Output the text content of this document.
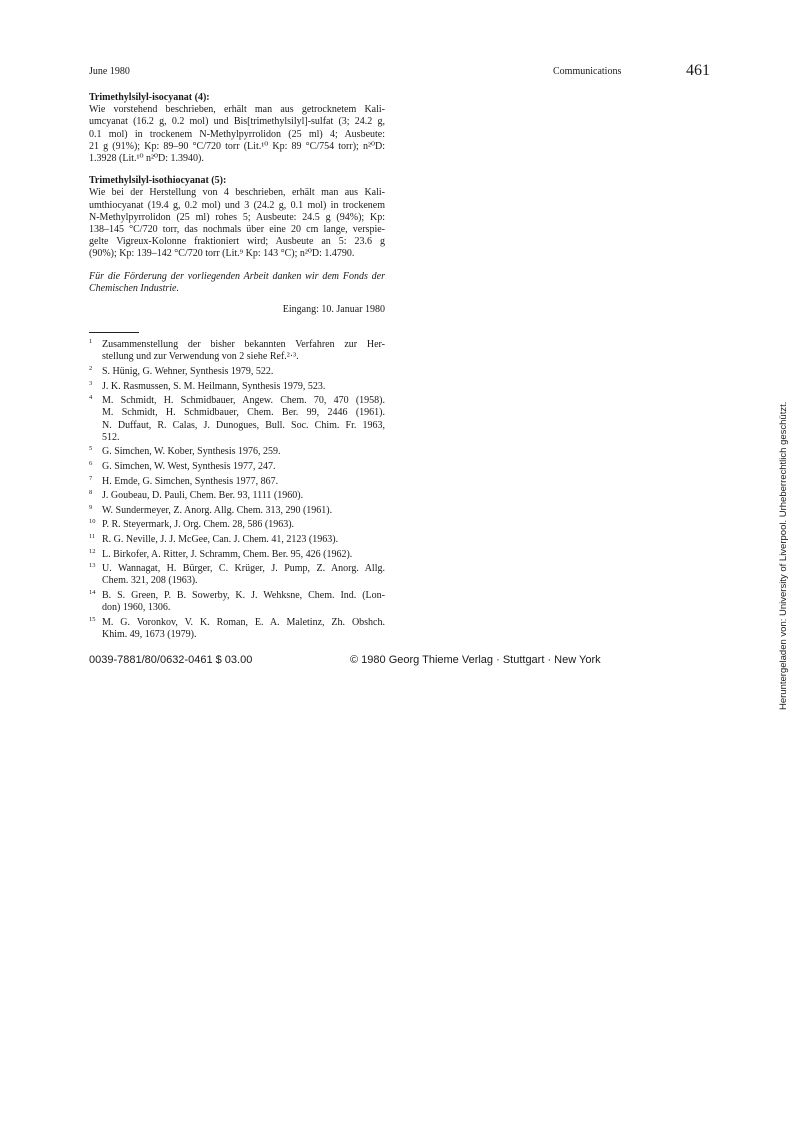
June 1980	Communications	461

Trimethylsilyl-isocyanat (4):

Wie vorstehend beschrieben, erhält man aus getrocknetem Kali-
umcyanat (16.2 g, 0.2 mol) und Bis[trimethylsilyl]-sulfat (3; 24.2 g,
0.1 mol) in trockenem N-Methylpyrrolidon (25 ml) 4; Ausbeute:
21 g (91%); Kp: 89–90 °C/720 torr (Lit.¹⁰ Kp: 89 °C/754 torr); n²⁰D:
1.3928 (Lit.¹⁰ n²⁰D: 1.3940).

Trimethylsilyl-isothiocyanat (5):

Wie bei der Herstellung von 4 beschrieben, erhält man aus Kali-
umthiocyanat (19.4 g, 0.2 mol) und 3 (24.2 g, 0.1 mol) in trockenem
N-Methylpyrrolidon (25 ml) rohes 5; Ausbeute: 24.5 g (94%); Kp:
138–145 °C/720 torr, das nochmals über eine 20 cm lange, verspie-
gelte Vigreux-Kolonne fraktioniert wird; Ausbeute an 5: 23.6 g
(90%); Kp: 139–142 °C/720 torr (Lit.⁹ Kp: 143 °C); n²⁰D: 1.4790.
Für die Förderung der vorliegenden Arbeit danken wir dem Fonds der
Chemischen Industrie.
Eingang: 10. Januar 1980
1 Zusammenstellung der bisher bekannten Verfahren zur Her-
stellung und zur Verwendung von 2 siehe Ref.²·³.
2 S. Hünig, G. Wehner, Synthesis 1979, 522.
3 J. K. Rasmussen, S. M. Heilmann, Synthesis 1979, 523.
4 M. Schmidt, H. Schmidbauer, Angew. Chem. 70, 470 (1958).
M. Schmidt, H. Schmidbauer, Chem. Ber. 99, 2446 (1961).
N. Duffaut, R. Calas, J. Dunogues, Bull. Soc. Chim. Fr. 1963,
512.
5 G. Simchen, W. Kober, Synthesis 1976, 259.
6 G. Simchen, W. West, Synthesis 1977, 247.
7 H. Emde, G. Simchen, Synthesis 1977, 867.
8 J. Goubeau, D. Pauli, Chem. Ber. 93, 1111 (1960).
9 W. Sundermeyer, Z. Anorg. Allg. Chem. 313, 290 (1961).
10 P. R. Steyermark, J. Org. Chem. 28, 586 (1963).
11 R. G. Neville, J. J. McGee, Can. J. Chem. 41, 2123 (1963).
12 L. Birkofer, A. Ritter, J. Schramm, Chem. Ber. 95, 426 (1962).
13 U. Wannagat, H. Bürger, C. Krüger, J. Pump, Z. Anorg. Allg.
Chem. 321, 208 (1963).
14 B. S. Green, P. B. Sowerby, K. J. Wehksne, Chem. Ind. (Lon-
don) 1960, 1306.
15 M. G. Voronkov, V. K. Roman, E. A. Maletinz, Zh. Obshch.
Khim. 49, 1673 (1979).
0039-7881/80/0632-0461 $ 03.00	© 1980 Georg Thieme Verlag · Stuttgart · New York	Heruntergeladen von: University of Liverpool. Urheberrechtlich geschützt.
